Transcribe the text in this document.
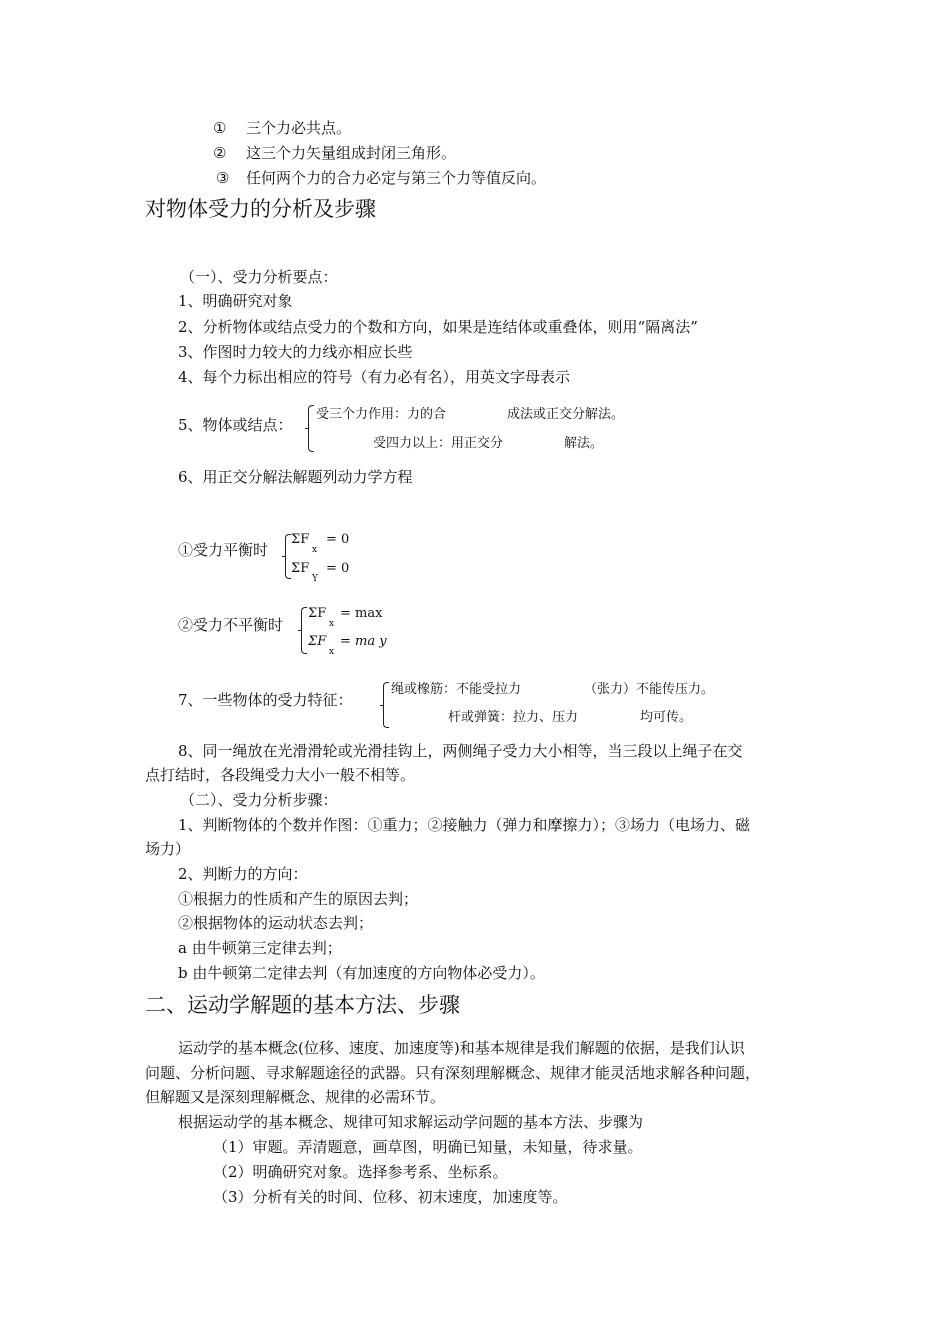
① 三个力必共点。
② 这三个力矢量组成封闭三角形。
③ 任何两个力的合力必定与第三个力等值反向。
对物体受力的分析及步骤
（一）、受力分析要点：
1、明确研究对象
2、分析物体或结点受力的个数和方向，如果是连结体或重叠体，则用“隔离法”
3、作图时力较大的力线亦相应长些
4、每个力标出相应的符号（有力必有名），用英文字母表示
5、物体或结点：
受三个力作用：力的合	成法或正交分解法。
受四力以上：用正交分	解法。
6、用正交分解法解题列动力学方程
①受力平衡时
ΣF
x
= 0
ΣF
Y
= 0
②受力不平衡时
ΣF
x
= max
ΣF
x
= ma y
7、一些物体的受力特征：
绳或橡筋：不能受拉力	（张力）不能传压力。
杆或弹簧：拉力、压力	均可传。
8、同一绳放在光滑滑轮或光滑挂钩上，两侧绳子受力大小相等，当三段以上绳子在交
点打结时，各段绳受力大小一般不相等。
（二）、受力分析步骤：
1、判断物体的个数并作图：①重力；②接触力（弹力和摩擦力）；③场力（电场力、磁
场力）
2、判断力的方向：
①根据力的性质和产生的原因去判；
②根据物体的运动状态去判；
a 由牛顿第三定律去判；
b 由牛顿第二定律去判（有加速度的方向物体必受力）。
二、运动学解题的基本方法、步骤
运动学的基本概念(位移、速度、加速度等)和基本规律是我们解题的依据，是我们认识
问题、分析问题、寻求解题途径的武器。只有深刻理解概念、规律才能灵活地求解各种问题，
但解题又是深刻理解概念、规律的必需环节。
根据运动学的基本概念、规律可知求解运动学问题的基本方法、步骤为
（1）审题。弄清题意，画草图，明确已知量，未知量，待求量。
（2）明确研究对象。选择参考系、坐标系。
（3）分析有关的时间、位移、初末速度，加速度等。
